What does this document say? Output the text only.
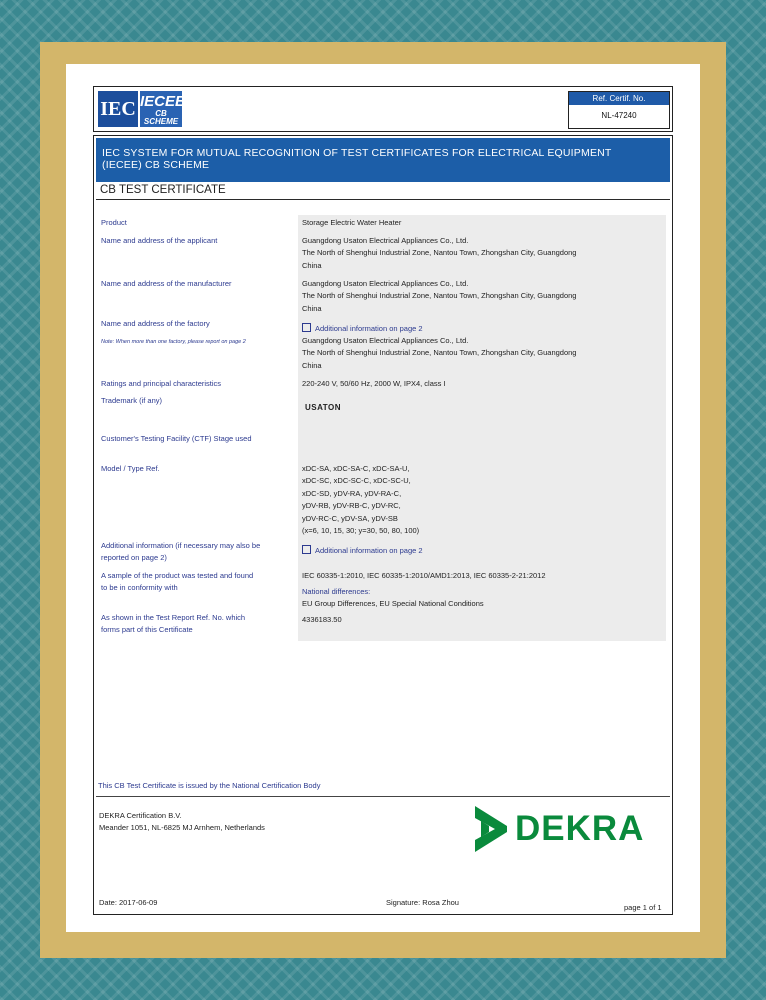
IEC IECEE
CB SCHEME
Ref. Certif. No.
NL-47240
IEC SYSTEM FOR MUTUAL RECOGNITION OF TEST CERTIFICATES FOR ELECTRICAL EQUIPMENT
(IECEE) CB SCHEME
CB TEST CERTIFICATE
Product
Name and address of the applicant
Name and address of the manufacturer
Name and address of the factory
Note: When more than one factory, please report on page 2
Ratings and principal characteristics
Trademark (if any)
Customer's Testing Facility (CTF) Stage used
Model / Type Ref.
Additional information (if necessary may also be
reported on page 2)
A sample of the product was tested and found
to be in conformity with
As shown in the Test Report Ref. No. which
forms part of this Certificate
Storage Electric Water Heater
Guangdong Usaton Electrical Appliances Co., Ltd.
The North of Shenghui Industrial Zone, Nantou Town, Zhongshan City, Guangdong
China
Guangdong Usaton Electrical Appliances Co., Ltd.
The North of Shenghui Industrial Zone, Nantou Town, Zhongshan City, Guangdong
China
Additional information on page 2
Guangdong Usaton Electrical Appliances Co., Ltd.
The North of Shenghui Industrial Zone, Nantou Town, Zhongshan City, Guangdong
China
220-240 V, 50/60 Hz, 2000 W, IPX4, class I
USATON
xDC-SA, xDC-SA-C, xDC-SA-U,
xDC-SC, xDC-SC-C, xDC-SC-U,
xDC-SD, yDV-RA, yDV-RA-C,
yDV-RB, yDV-RB-C, yDV-RC,
yDV-RC-C, yDV-SA, yDV-SB
(x=6, 10, 15, 30; y=30, 50, 80, 100)
Additional information on page 2
IEC 60335-1:2010, IEC 60335-1:2010/AMD1:2013, IEC 60335-2-21:2012
National differences:
EU Group Differences, EU Special National Conditions
4336183.50
This CB Test Certificate is issued by the National Certification Body
DEKRA Certification B.V.
Meander 1051, NL-6825 MJ Arnhem, Netherlands	DEKRA
Date: 2017-06-09	Signature: Rosa Zhou
page 1 of 1
